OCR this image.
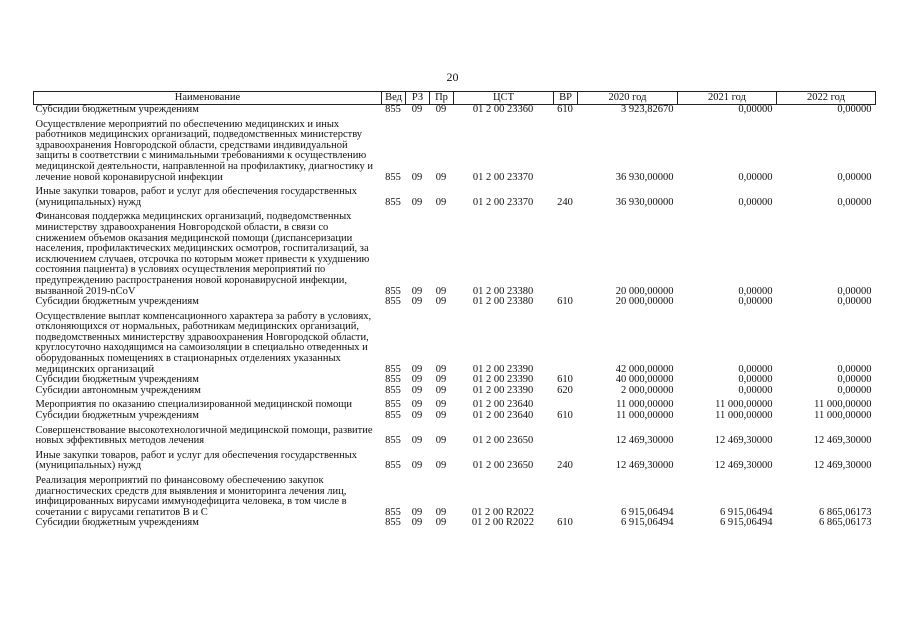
20
Наименование	Вед	РЗ	Пр	ЦСТ	ВР	2020 год	2021 год	2022 год
Субсидии бюджетным учреждениям	855	09	09	01 2 00 23360	610	3 923,82670	0,00000	0,00000
Осуществление мероприятий по обеспечению медицинских и иных работников медицинских организаций, подведомственных министерству здравоохранения Новгородской области, средствами индивидуальной защиты в соответствии с минимальными требованиями к осуществлению медицинской деятельности, направленной на профилактику, диагностику и лечение новой коронавирусной инфекции	855	09	09	01 2 00 23370		36 930,00000	0,00000	0,00000
Иные закупки товаров, работ и услуг для обеспечения государственных (муниципальных) нужд	855	09	09	01 2 00 23370	240	36 930,00000	0,00000	0,00000
Финансовая поддержка медицинских организаций, подведомственных министерству здравоохранения Новгородской области, в связи со снижением объемов оказания медицинской помощи (диспансеризации населения, профилактических медицинских осмотров, госпитализаций, за исключением случаев, отсрочка по которым может привести к ухудшению состояния пациента) в условиях осуществления мероприятий по предупреждению распространения новой коронавирусной инфекции, вызванной 2019-nCoV	855	09	09	01 2 00 23380		20 000,00000	0,00000	0,00000
Субсидии бюджетным учреждениям	855	09	09	01 2 00 23380	610	20 000,00000	0,00000	0,00000
Осуществление выплат компенсационного характера за работу в условиях, отклоняющихся от нормальных, работникам медицинских организаций, подведомственных министерству здравоохранения Новгородской области, круглосуточно находящимся на самоизоляции в специально отведенных и оборудованных помещениях в стационарных отделениях указанных медицинских организаций	855	09	09	01 2 00 23390		42 000,00000	0,00000	0,00000
Субсидии бюджетным учреждениям	855	09	09	01 2 00 23390	610	40 000,00000	0,00000	0,00000
Субсидии автономным учреждениям	855	09	09	01 2 00 23390	620	2 000,00000	0,00000	0,00000
Мероприятия по оказанию специализированной медицинской помощи	855	09	09	01 2 00 23640		11 000,00000	11 000,00000	11 000,00000
Субсидии бюджетным учреждениям	855	09	09	01 2 00 23640	610	11 000,00000	11 000,00000	11 000,00000
Совершенствование высокотехнологичной медицинской помощи, развитие новых эффективных методов лечения	855	09	09	01 2 00 23650		12 469,30000	12 469,30000	12 469,30000
Иные закупки товаров, работ и услуг для обеспечения государственных (муниципальных) нужд	855	09	09	01 2 00 23650	240	12 469,30000	12 469,30000	12 469,30000
Реализация мероприятий по финансовому обеспечению закупок диагностических средств для выявления и мониторинга лечения лиц, инфицированных вирусами иммунодефицита человека, в том числе в сочетании с вирусами гепатитов В и С	855	09	09	01 2 00 R2022		6 915,06494	6 915,06494	6 865,06173
Субсидии бюджетным учреждениям	855	09	09	01 2 00 R2022	610	6 915,06494	6 915,06494	6 865,06173
